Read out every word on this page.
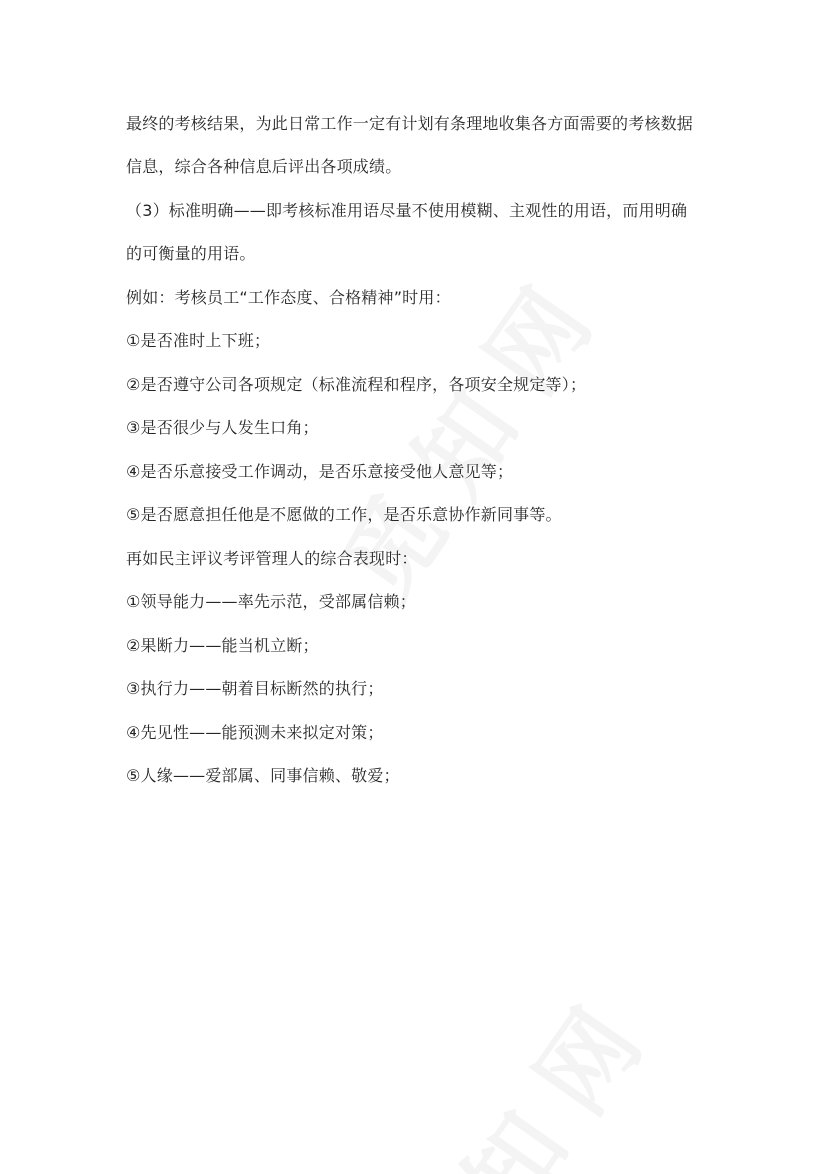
最终的考核结果，为此日常工作一定有计划有条理地收集各方面需要的考核数据
信息，综合各种信息后评出各项成绩。
（3）标准明确——即考核标准用语尽量不使用模糊、主观性的用语，而用明确
的可衡量的用语。
例如：考核员工“工作态度、合格精神”时用：
①是否准时上下班；
②是否遵守公司各项规定（标准流程和程序，各项安全规定等）；
③是否很少与人发生口角；
④是否乐意接受工作调动，是否乐意接受他人意见等；
⑤是否愿意担任他是不愿做的工作，是否乐意协作新同事等。
再如民主评议考评管理人的综合表现时：
①领导能力——率先示范，受部属信赖；
②果断力——能当机立断；
③执行力——朝着目标断然的执行；
④先见性——能预测未来拟定对策；
⑤人缘——爱部属、同事信赖、敬爱；
